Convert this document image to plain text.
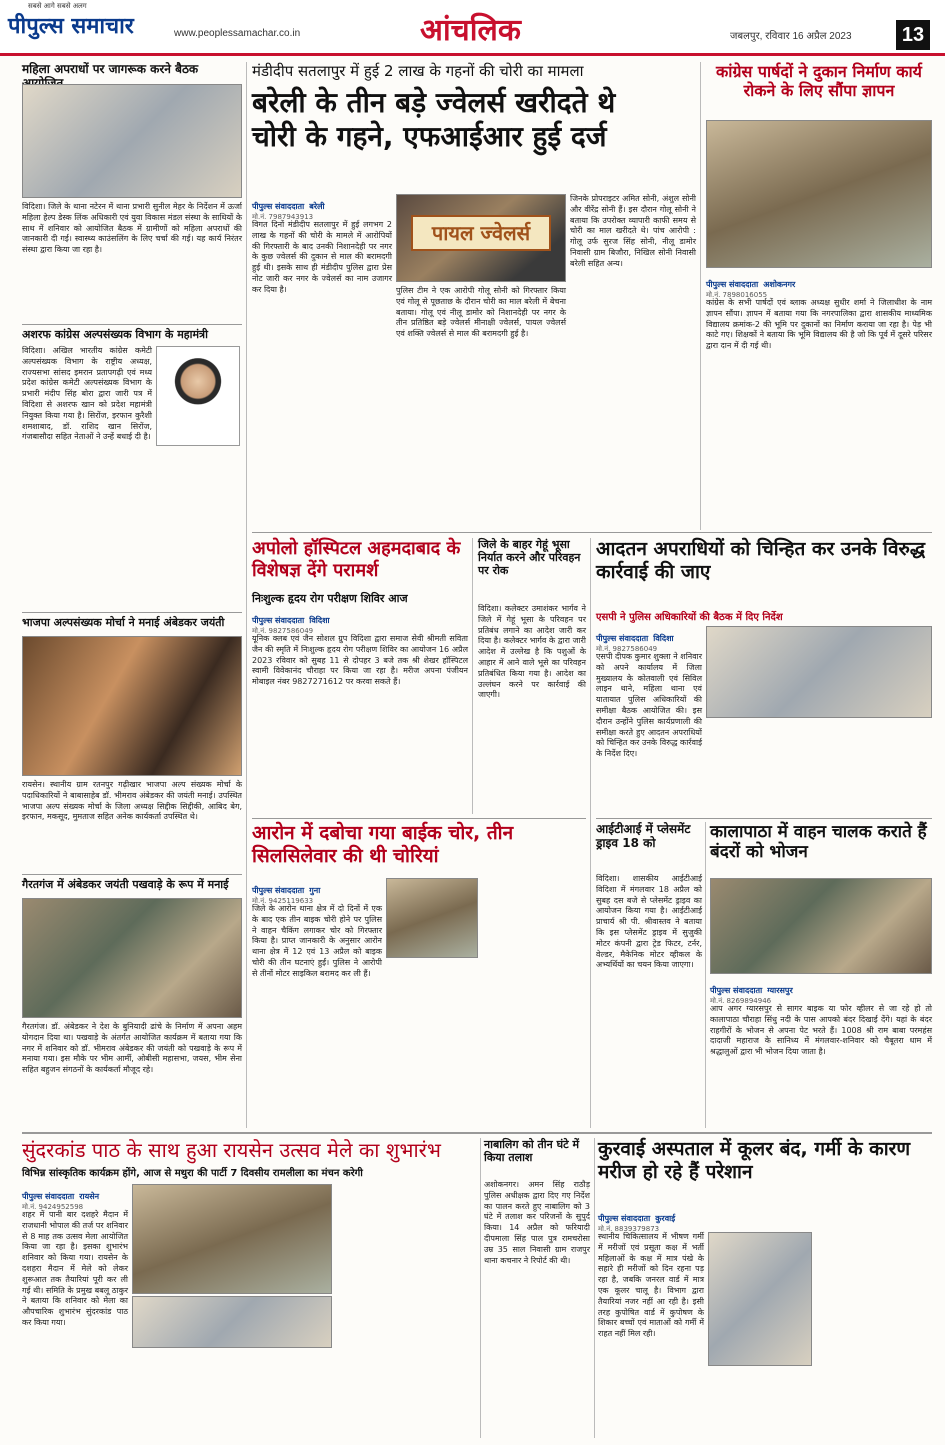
सबसे आगे सबसे अलग
पीपुल्स समाचार	www.peoplessamachar.co.in	आंचलिक	जबलपुर, रविवार 16 अप्रैल 2023	13
महिला अपराधों पर जागरूक करने बैठक
विदिशा। जिले के थाना नटेरन में थाना प्रभारी सुनील मेहर के निर्देशन में ऊर्जा महिला हेल्प डेस्क लिंक अधिकारी एवं युवा विकास मंडल संस्था के साथियों के साथ में शनिवार को आयोजित बैठक में ग्रामीणों को महिला अपराधों की जानकारी दी गई। स्वास्थ्य काउंसलिंग के लिए चर्चा की गई। यह कार्य निरंतर संस्था द्वारा किया जा रहा है।
अशरफ कांग्रेस अल्पसंख्यक विभाग के महामंत्री
विदिशा। अखिल भारतीय कांग्रेस कमेटी अल्पसंख्यक विभाग के राष्ट्रीय अध्यक्ष, राज्यसभा सांसद इमरान प्रतापगढ़ी एवं मध्य प्रदेश कांग्रेस कमेटी अल्पसंख्यक विभाग के प्रभारी मंदीप सिंह बोरा द्वारा जारी पत्र में विदिशा से अशरफ खान को प्रदेश महामंत्री नियुक्त किया गया है। सिरोंज, इरफान कुरैशी शमशाबाद, डॉ. राशिद खान सिरोंज, गंजबासौदा सहित नेताओं ने उन्हें बधाई दी है।
भाजपा अल्पसंख्यक मोर्चा ने मनाई अंबेडकर जयंती
रायसेन। स्थानीय ग्राम रतनपुर गढ़ीखार भाजपा अल्प संख्यक मोर्चा के पदाधिकारियों ने बाबासाहेब डॉ. भीमराव अंबेडकर की जयंती मनाई। उपस्थित भाजपा अल्प संख्यक मोर्चा के जिला अध्यक्ष सिद्दीक सिद्दीकी, आबिद बेग, इरफान, मकसूद, मुमताज सहित अनेक कार्यकर्ता उपस्थित थे।
गैरतगंज में अंबेडकर जयंती पखवाड़े के रूप में मनाई
गैरतगंज। डॉ. अंबेडकर ने देश के बुनियादी ढांचे के निर्माण में अपना अहम योगदान दिया था। पखवाड़े के अंतर्गत आयोजित कार्यक्रम में बताया गया कि नगर में शनिवार को डॉ. भीमराव अंबेडकर की जयंती को पखवाड़े के रूप में मनाया गया। इस मौके पर भीम आर्मी, ओबीसी महासभा, जयस, भीम सेना सहित बहुजन संगठनों के कार्यकर्ता मौजूद रहे।
मंडीदीप सतलापुर में हुई 2 लाख के गहनों की चोरी का मामला
बरेली के तीन बड़े ज्वेलर्स खरीदते थे
चोरी के गहने, एफआईआर हुई दर्ज
पीपुल्स संवाददाता बरेली
मो.नं. 7987943913
विगत दिनों मंडीदीप सतलापुर में हुई लगभग 2 लाख के गहनों की चोरी के मामले में आरोपियों की गिरफ्तारी के बाद उनकी निशानदेही पर नगर के कुछ ज्वेलर्स की दुकान से माल की बरामदगी हुई थी। इसके साथ ही मंडीदीप पुलिस द्वारा प्रेस नोट जारी कर नगर के ज्वेलर्स का नाम उजागर कर दिया है।
पायल ज्वेलर्स
पुलिस टीम ने एक आरोपी गोलू सोनी को गिरफ्तार किया एवं गोलू से पूछताछ के दौरान चोरी का माल बरेली में बेचना बताया। गोलू एवं नीलू डामोर को निशानदेही पर नगर के तीन प्रतिष्ठित बड़े ज्वेलर्स मीनाक्षी ज्वेलर्स, पायल ज्वेलर्स एवं शक्ति ज्वेलर्स से माल की बरामदगी हुई है।
जिनके प्रोपराइटर अमित सोनी, अंशुल सोनी और वीरेंद्र सोनी हैं। इस दौरान गोलू सोनी ने बताया कि उपरोक्त व्यापारी काफी समय से चोरी का माल खरीदते थे। पांच आरोपी : गोलू उर्फ सुरज सिंह सोनी, नीलू डामोर निवासी ग्राम बिजौरा, निखिल सोनी निवासी बरेली सहित अन्य।
कांग्रेस पार्षदों ने दुकान निर्माण कार्य रोकने के लिए सौंपा ज्ञापन
पीपुल्स संवाददाता अशोकनगर
मो.नं. 7898016055
कांग्रेस के सभी पार्षदों एवं ब्लाक अध्यक्ष सुधीर शर्मा ने जिलाधीश के नाम ज्ञापन सौंपा। ज्ञापन में बताया गया कि नगरपालिका द्वारा शासकीय माध्यमिक विद्यालय क्रमांक-2 की भूमि पर दुकानों का निर्माण कराया जा रहा है। पेड़ भी काटे गए। शिक्षकों ने बताया कि भूमि विद्यालय की है जो कि पूर्व में दूसरे परिसर द्वारा दान में दी गई थी।
अपोलो हॉस्पिटल अहमदाबाद के विशेषज्ञ देंगे परामर्श
निःशुल्क हृदय रोग परीक्षण शिविर आज
पीपुल्स संवाददाता विदिशा
मो.नं. 9827586049
यूनिक क्लब एवं जैन सोशल ग्रुप विदिशा द्वारा समाज सेवी श्रीमती सविता जैन की स्मृति में निःशुल्क हृदय रोग परीक्षण शिविर का आयोजन 16 अप्रैल 2023 रविवार को सुबह 11 से दोपहर 3 बजे तक श्री शेखर हॉस्पिटल स्वामी विवेकानंद चौराहा पर किया जा रहा है। मरीज अपना पंजीयन मोबाइल नंबर 9827271612 पर करवा सकते हैं।
जिले के बाहर गेहूं भूसा निर्यात करने और परिवहन पर रोक
विदिशा। कलेक्टर उमाशंकर भार्गव ने जिले में गेहूं भूसा के परिवहन पर प्रतिबंध लगाने का आदेश जारी कर दिया है। कलेक्टर भार्गव के द्वारा जारी आदेश में उल्लेख है कि पशुओं के आहार में आने वाले भूसे का परिवहन प्रतिबंधित किया गया है। आदेश का उल्लंघन करने पर कार्रवाई की जाएगी।
आदतन अपराधियों को चिन्हित कर उनके विरुद्ध कार्रवाई की जाए
एसपी ने पुलिस अधिकारियों की बैठक में दिए निर्देश
पीपुल्स संवाददाता विदिशा
मो.नं. 9827586049
एसपी दीपक कुमार शुक्ला ने शनिवार को अपने कार्यालय में जिला मुख्यालय के कोतवाली एवं सिविल लाइन थाने, महिला थाना एवं यातायात पुलिस अधिकारियों की समीक्षा बैठक आयोजित की। इस दौरान उन्होंने पुलिस कार्यप्रणाली की समीक्षा करते हुए आदतन अपराधियों को चिन्हित कर उनके विरुद्ध कार्रवाई के निर्देश दिए।
आरोन में दबोचा गया बाईक चोर, तीन सिलसिलेवार की थी चोरियां
पीपुल्स संवाददाता गुना
मो.नं. 9425119633
जिले के आरोन थाना क्षेत्र में दो दिनों में एक के बाद एक तीन बाइक चोरी होने पर पुलिस ने वाहन चैकिंग लगाकर चोर को गिरफ्तार किया है। प्राप्त जानकारी के अनुसार आरोन थाना क्षेत्र में 12 एवं 13 अप्रैल को बाइक चोरी की तीन घटनाएं हुईं। पुलिस ने आरोपी से तीनों मोटर साइकिल बरामद कर ली हैं।
आईटीआई में प्लेसमेंट ड्राइव 18 को
विदिशा। शासकीय आईटीआई विदिशा में मंगलवार 18 अप्रैल को सुबह दस बजे से प्लेसमेंट ड्राइव का आयोजन किया गया है। आईटीआई प्राचार्य श्री पी. श्रीवास्तव ने बताया कि इस प्लेसमेंट ड्राइव में सुजुकी मोटर कंपनी द्वारा ट्रेड फिटर, टर्नर, वेल्डर, मैकेनिक मोटर व्हीकल के अभ्यर्थियों का चयन किया जाएगा।
कालापाठा में वाहन चालक कराते हैं बंदरों को भोजन
पीपुल्स संवाददाता ग्यारसपुर
मो.नं. 8269894946
आप अगर ग्यारसपुर से सागर बाइक या फोर व्हीलर से जा रहे हो तो कालापाठा चौराहा सिंधु नदी के पास आपको बंदर दिखाई देंगे। यहां के बंदर राहगीरों के भोजन से अपना पेट भरते हैं। 1008 श्री राम बाबा परमहंस दादाजी महाराज के सानिध्य में मंगलवार-शनिवार को चैबूतरा धाम में श्रद्धालुओं द्वारा भी भोजन दिया जाता है।
सुंदरकांड पाठ के साथ हुआ रायसेन उत्सव मेले का शुभारंभ
विभिन्न सांस्कृतिक कार्यक्रम होंगे, आज से मथुरा की पार्टी 7 दिवसीय रामलीला का मंचन करेगी
पीपुल्स संवाददाता रायसेन
मो.नं. 9424952598
शहर में पानी बार दशहरे मैदान में राजधानी भोपाल की तर्ज पर शनिवार से 8 माह तक उत्सव मेला आयोजित किया जा रहा है। इसका शुभारंभ शनिवार को किया गया। रायसेन के दशहरा मैदान में मेले को लेकर शुरूआत तक तैयारियां पूरी कर ली गई थी। समिति के प्रमुख बबलू ठाकुर ने बताया कि शनिवार को मेला का औपचारिक शुभारंभ सुंदरकांड पाठ कर किया गया।
नाबालिग को तीन घंटे में किया तलाश
अशोकनगर। अमन सिंह राठौड़ पुलिस अधीक्षक द्वारा दिए गए निर्देश का पालन करते हुए नाबालिग को 3 घंटे में तलाश कर परिजनों के सुपुर्द किया। 14 अप्रैल को फरियादी दीपमाला सिंह पाल पुत्र रामचरोसा उम्र 35 साल निवासी ग्राम राजपुर थाना कचनार ने रिपोर्ट की थी।
कुरवाई अस्पताल में कूलर बंद, गर्मी के कारण मरीज हो रहे हैं परेशान
पीपुल्स संवाददाता कुरवाई
मो.नं. 8839379873
स्थानीय चिकित्सालय में भीषण गर्मी में मरीजों एवं प्रसूता कक्ष में भर्ती महिलाओं के कक्ष में मात्र पंखे के सहारे ही मरीजों को दिन रहना पड़ रहा है, जबकि जनरल वार्ड में मात्र एक कूलर चालू है। विभाग द्वारा तैयारियां नजर नहीं आ रही है। इसी तरह कुपोषित वार्ड में कुपोषण के शिकार बच्चों एवं माताओं को गर्मी में राहत नहीं मिल रही।
